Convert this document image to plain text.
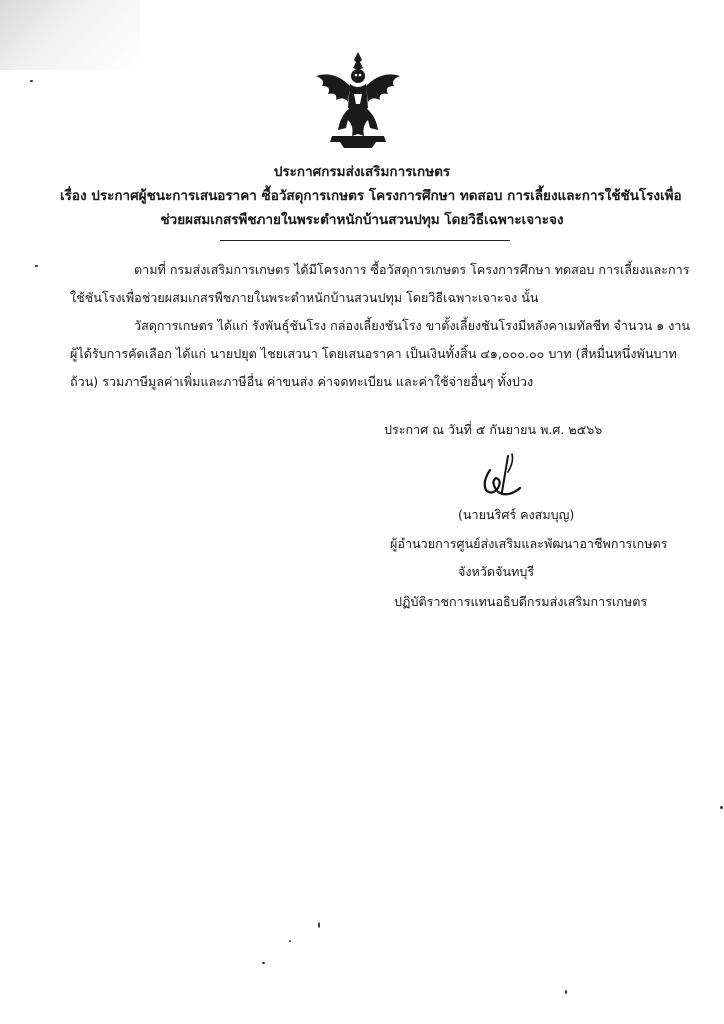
ประกาศกรมส่งเสริมการเกษตร
เรื่อง ประกาศผู้ชนะการเสนอราคา ซื้อวัสดุการเกษตร โครงการศึกษา ทดสอบ การเลี้ยงและการใช้ชันโรงเพื่อ
ช่วยผสมเกสรพืชภายในพระตำหนักบ้านสวนปทุม โดยวิธีเฉพาะเจาะจง
ตามที่ กรมส่งเสริมการเกษตร ได้มีโครงการ ซื้อวัสดุการเกษตร โครงการศึกษา ทดสอบ การเลี้ยงและการ
ใช้ชันโรงเพื่อช่วยผสมเกสรพืชภายในพระตำหนักบ้านสวนปทุม โดยวิธีเฉพาะเจาะจง นั้น
วัสดุการเกษตร ได้แก่ รังพันธุ์ชันโรง กล่องเลี้ยงชันโรง ขาตั้งเลี้ยงชันโรงมีหลังคาเมทัลชีท จำนวน ๑ งาน
ผู้ได้รับการคัดเลือก ได้แก่ นายปยุต ไชยเสวนา โดยเสนอราคา เป็นเงินทั้งสิ้น ๔๑,๐๐๐.๐๐ บาท (สี่หมื่นหนึ่งพันบาท
ถ้วน) รวมภาษีมูลค่าเพิ่มและภาษีอื่น ค่าขนส่ง ค่าจดทะเบียน และค่าใช้จ่ายอื่นๆ ทั้งปวง
ประกาศ ณ วันที่ ๕ กันยายน พ.ศ. ๒๕๖๖
(นายนริศร์ คงสมบุญ)
ผู้อำนวยการศูนย์ส่งเสริมและพัฒนาอาชีพการเกษตร
จังหวัดจันทบุรี
ปฏิบัติราชการแทนอธิบดีกรมส่งเสริมการเกษตร
